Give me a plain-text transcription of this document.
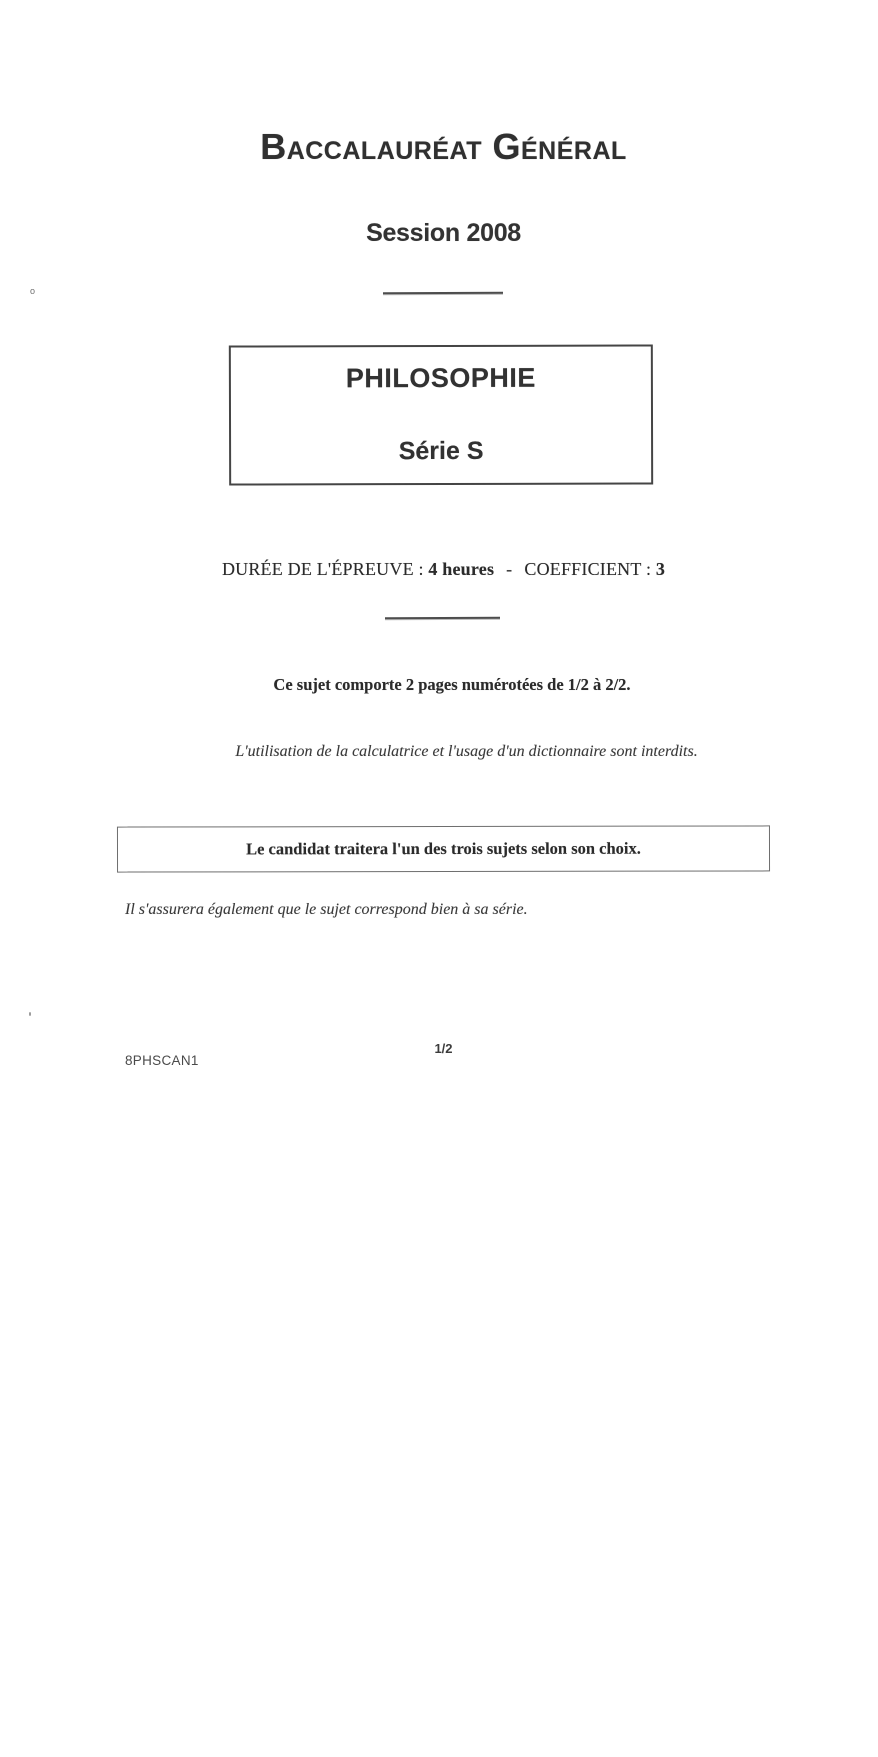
o
Baccalauréat Général
Session 2008
PHILOSOPHIE
Série S
DURÉE DE L'ÉPREUVE : 4 heures - COEFFICIENT : 3
Ce sujet comporte 2 pages numérotées de 1/2 à 2/2.
L'utilisation de la calculatrice et l'usage d'un dictionnaire sont interdits.
Le candidat traitera l'un des trois sujets selon son choix.
Il s'assurera également que le sujet correspond bien à sa série.
1/2
8PHSCAN1
